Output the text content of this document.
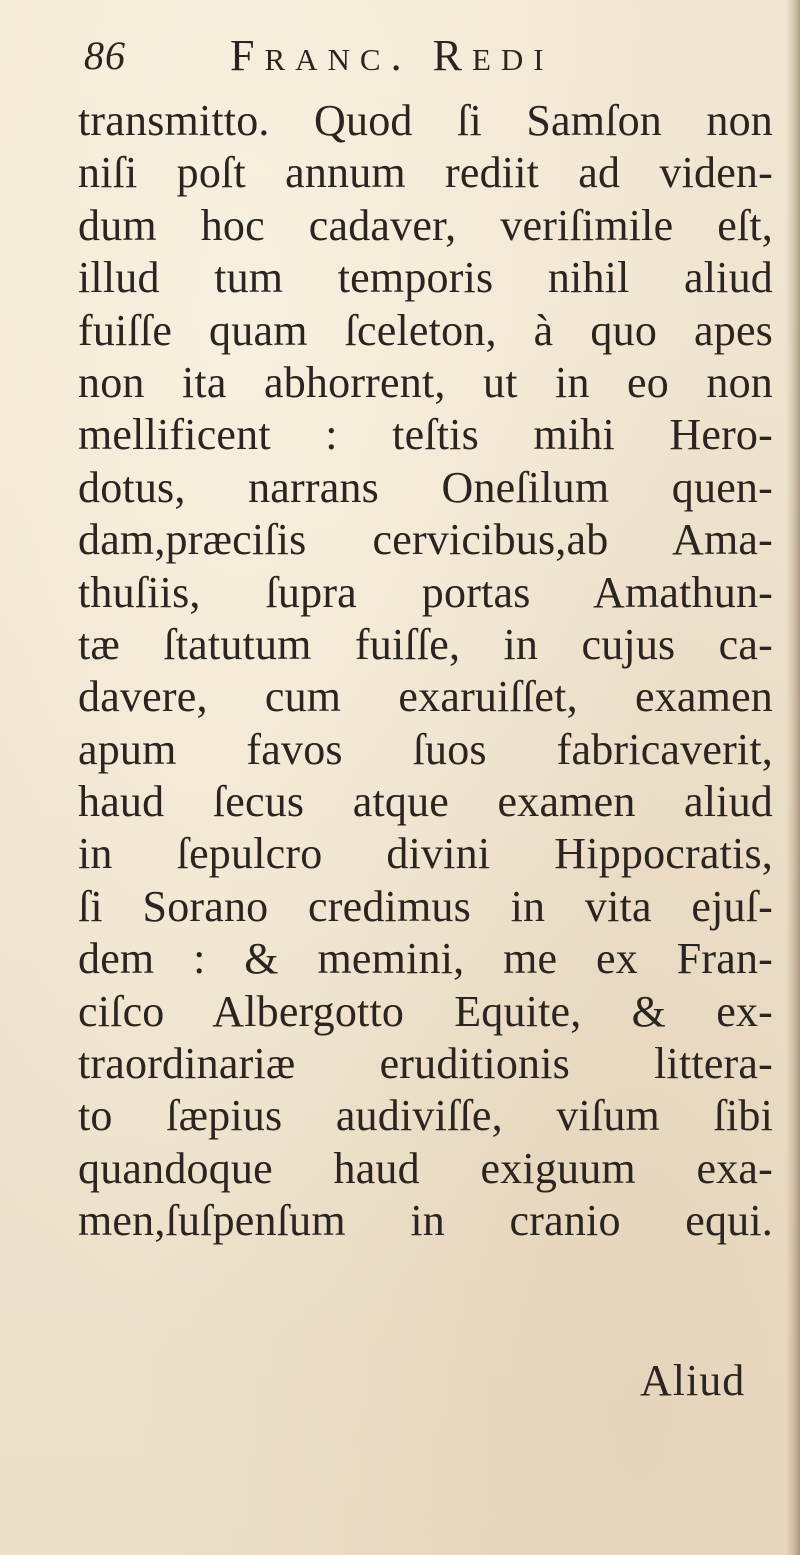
86 Franc. Redi
transmitto. Quod ſi Samſon non
niſi poſt annum rediit ad viden-
dum hoc cadaver, veriſimile eſt,
illud tum temporis nihil aliud
fuiſſe quam ſceleton, à quo apes
non ita abhorrent, ut in eo non
mellificent : teſtis mihi Hero-
dotus, narrans Oneſilum quen-
dam,præciſis cervicibus,ab Ama-
thuſiis, ſupra portas Amathun-
tæ ſtatutum fuiſſe, in cujus ca-
davere, cum exaruiſſet, examen
apum favos ſuos fabricaverit,
haud ſecus atque examen aliud
in ſepulcro divini Hippocratis,
ſi Sorano credimus in vita ejuſ-
dem : & memini, me ex Fran-
ciſco Albergotto Equite, & ex-
traordinariæ eruditionis littera-
to ſæpius audiviſſe, viſum ſibi
quandoque haud exiguum exa-
men,ſuſpenſum in cranio equi.
Aliud
